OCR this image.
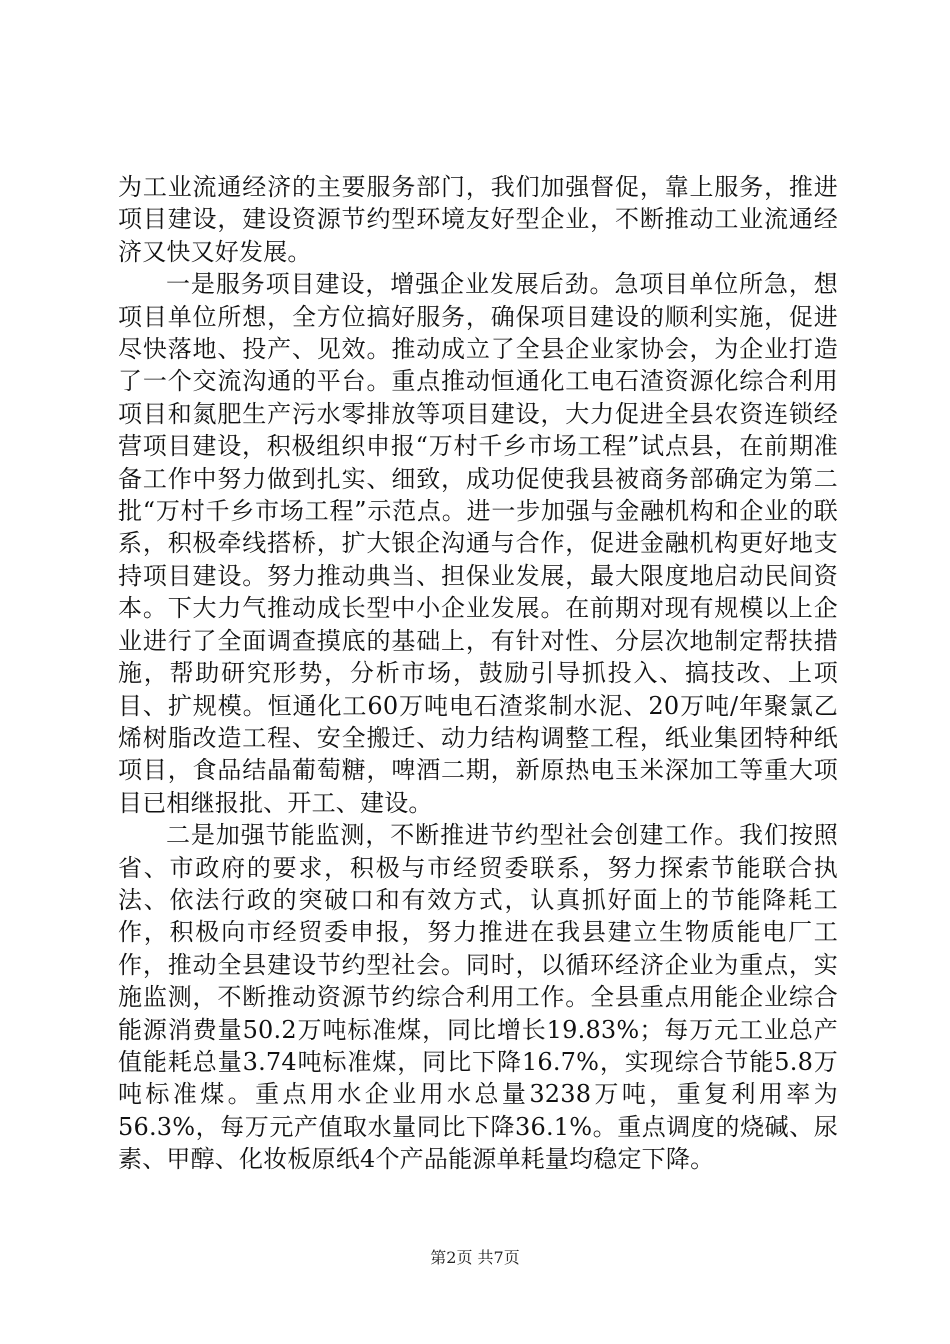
为工业流通经济的主要服务部门，我们加强督促，靠上服务，推进项目建设，建设资源节约型环境友好型企业，不断推动工业流通经济又快又好发展。

一是服务项目建设，增强企业发展后劲。急项目单位所急，想项目单位所想，全方位搞好服务，确保项目建设的顺利实施，促进尽快落地、投产、见效。推动成立了全县企业家协会，为企业打造了一个交流沟通的平台。重点推动恒通化工电石渣资源化综合利用项目和氮肥生产污水零排放等项目建设，大力促进全县农资连锁经营项目建设，积极组织申报“万村千乡市场工程”试点县，在前期准备工作中努力做到扎实、细致，成功促使我县被商务部确定为第二批“万村千乡市场工程”示范点。进一步加强与金融机构和企业的联系，积极牵线搭桥，扩大银企沟通与合作，促进金融机构更好地支持项目建设。努力推动典当、担保业发展，最大限度地启动民间资本。下大力气推动成长型中小企业发展。在前期对现有规模以上企业进行了全面调查摸底的基础上，有针对性、分层次地制定帮扶措施，帮助研究形势，分析市场，鼓励引导抓投入、搞技改、上项目、扩规模。恒通化工60万吨电石渣浆制水泥、20万吨/年聚氯乙烯树脂改造工程、安全搬迁、动力结构调整工程，纸业集团特种纸项目，食品结晶葡萄糖，啤酒二期，新原热电玉米深加工等重大项目已相继报批、开工、建设。

二是加强节能监测，不断推进节约型社会创建工作。我们按照省、市政府的要求，积极与市经贸委联系，努力探索节能联合执法、依法行政的突破口和有效方式，认真抓好面上的节能降耗工作，积极向市经贸委申报，努力推进在我县建立生物质能电厂工作，推动全县建设节约型社会。同时，以循环经济企业为重点，实施监测，不断推动资源节约综合利用工作。全县重点用能企业综合能源消费量50.2万吨标准煤，同比增长19.83%；每万元工业总产值能耗总量3.74吨标准煤，同比下降16.7%，实现综合节能5.8万吨标准煤。重点用水企业用水总量3238万吨，重复利用率为56.3%，每万元产值取水量同比下降36.1%。重点调度的烧碱、尿素、甲醇、化妆板原纸4个产品能源单耗量均稳定下降。

第2页 共7页
